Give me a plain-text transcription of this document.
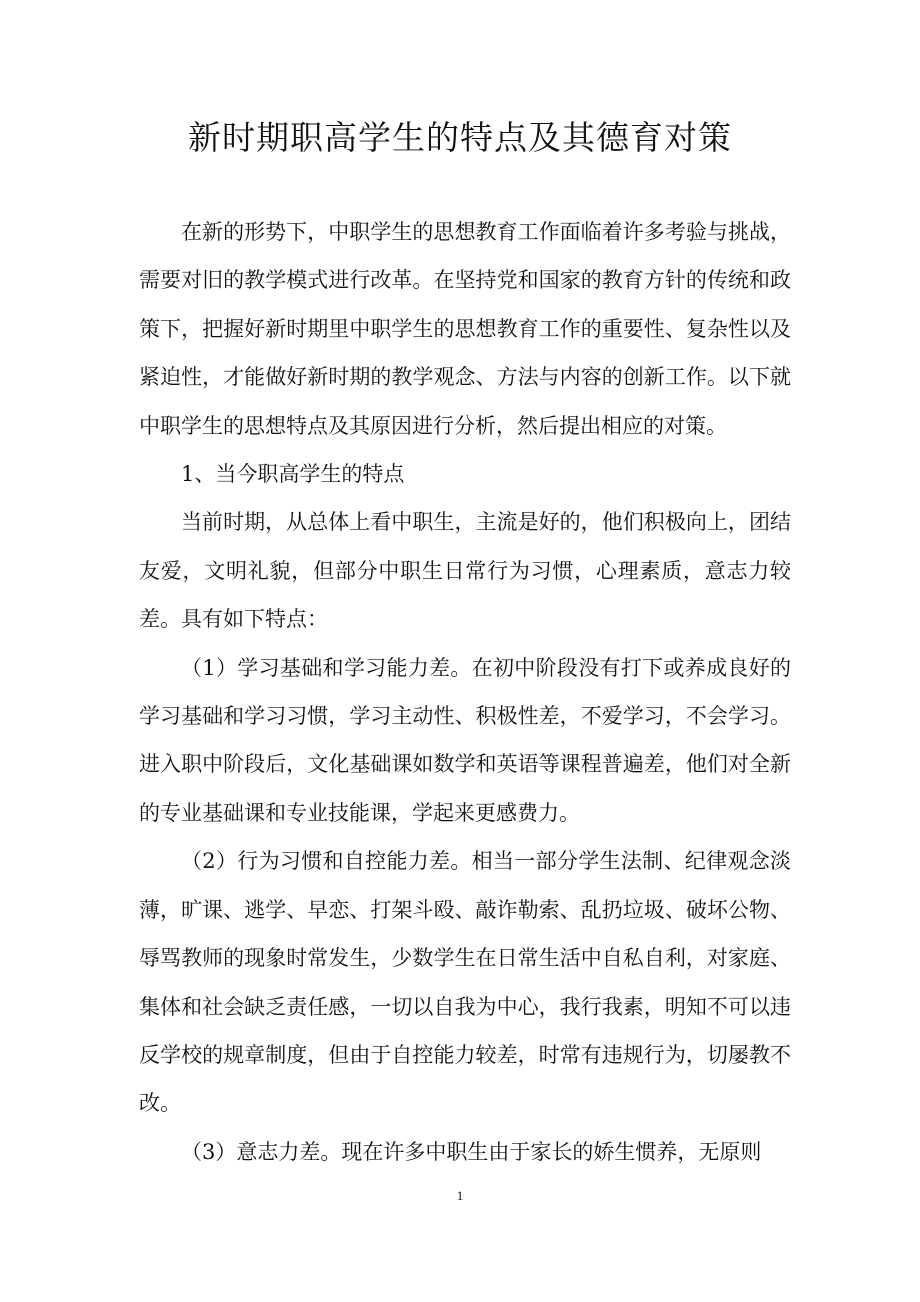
新时期职高学生的特点及其德育对策

在新的形势下，中职学生的思想教育工作面临着许多考验与挑战，需要对旧的教学模式进行改革。在坚持党和国家的教育方针的传统和政策下，把握好新时期里中职学生的思想教育工作的重要性、复杂性以及紧迫性，才能做好新时期的教学观念、方法与内容的创新工作。以下就中职学生的思想特点及其原因进行分析，然后提出相应的对策。

1、当今职高学生的特点

当前时期，从总体上看中职生，主流是好的，他们积极向上，团结友爱，文明礼貌，但部分中职生日常行为习惯，心理素质，意志力较差。具有如下特点：

（1）学习基础和学习能力差。在初中阶段没有打下或养成良好的学习基础和学习习惯，学习主动性、积极性差，不爱学习，不会学习。进入职中阶段后，文化基础课如数学和英语等课程普遍差，他们对全新的专业基础课和专业技能课，学起来更感费力。

（2）行为习惯和自控能力差。相当一部分学生法制、纪律观念淡薄，旷课、逃学、早恋、打架斗殴、敲诈勒索、乱扔垃圾、破坏公物、辱骂教师的现象时常发生，少数学生在日常生活中自私自利，对家庭、集体和社会缺乏责任感，一切以自我为中心，我行我素，明知不可以违反学校的规章制度，但由于自控能力较差，时常有违规行为，切屡教不改。

（3）意志力差。现在许多中职生由于家长的娇生惯养，无原则

1
